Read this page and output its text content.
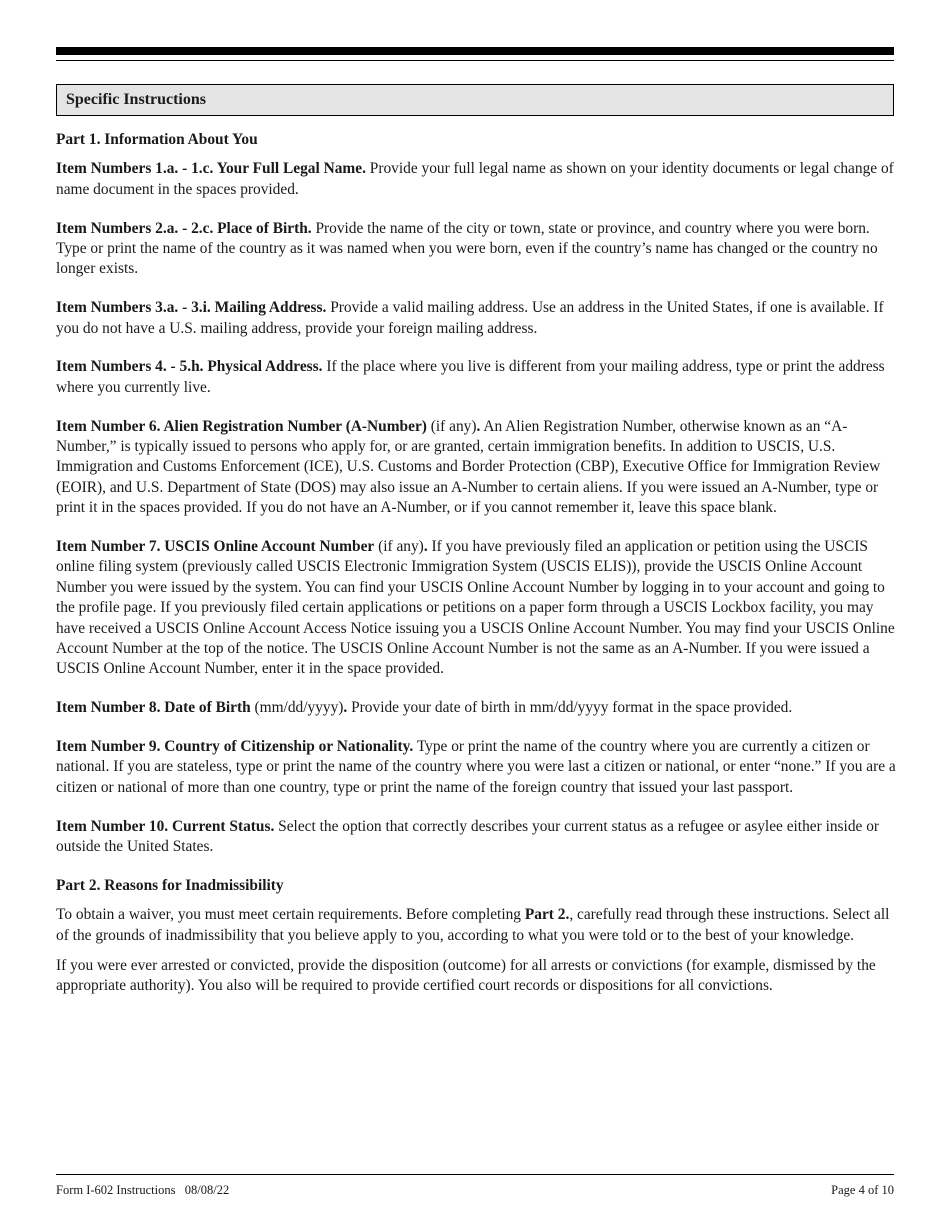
Specific Instructions
Part 1. Information About You
Item Numbers 1.a. - 1.c. Your Full Legal Name. Provide your full legal name as shown on your identity documents or legal change of name document in the spaces provided.
Item Numbers 2.a. - 2.c. Place of Birth. Provide the name of the city or town, state or province, and country where you were born. Type or print the name of the country as it was named when you were born, even if the country’s name has changed or the country no longer exists.
Item Numbers 3.a. - 3.i. Mailing Address. Provide a valid mailing address. Use an address in the United States, if one is available. If you do not have a U.S. mailing address, provide your foreign mailing address.
Item Numbers 4. - 5.h. Physical Address. If the place where you live is different from your mailing address, type or print the address where you currently live.
Item Number 6. Alien Registration Number (A-Number) (if any). An Alien Registration Number, otherwise known as an “A-Number,” is typically issued to persons who apply for, or are granted, certain immigration benefits. In addition to USCIS, U.S. Immigration and Customs Enforcement (ICE), U.S. Customs and Border Protection (CBP), Executive Office for Immigration Review (EOIR), and U.S. Department of State (DOS) may also issue an A-Number to certain aliens. If you were issued an A-Number, type or print it in the spaces provided. If you do not have an A-Number, or if you cannot remember it, leave this space blank.
Item Number 7. USCIS Online Account Number (if any). If you have previously filed an application or petition using the USCIS online filing system (previously called USCIS Electronic Immigration System (USCIS ELIS)), provide the USCIS Online Account Number you were issued by the system. You can find your USCIS Online Account Number by logging in to your account and going to the profile page. If you previously filed certain applications or petitions on a paper form through a USCIS Lockbox facility, you may have received a USCIS Online Account Access Notice issuing you a USCIS Online Account Number. You may find your USCIS Online Account Number at the top of the notice. The USCIS Online Account Number is not the same as an A-Number. If you were issued a USCIS Online Account Number, enter it in the space provided.
Item Number 8. Date of Birth (mm/dd/yyyy). Provide your date of birth in mm/dd/yyyy format in the space provided.
Item Number 9. Country of Citizenship or Nationality. Type or print the name of the country where you are currently a citizen or national. If you are stateless, type or print the name of the country where you were last a citizen or national, or enter “none.” If you are a citizen or national of more than one country, type or print the name of the foreign country that issued your last passport.
Item Number 10. Current Status. Select the option that correctly describes your current status as a refugee or asylee either inside or outside the United States.
Part 2. Reasons for Inadmissibility
To obtain a waiver, you must meet certain requirements. Before completing Part 2., carefully read through these instructions. Select all of the grounds of inadmissibility that you believe apply to you, according to what you were told or to the best of your knowledge.
If you were ever arrested or convicted, provide the disposition (outcome) for all arrests or convictions (for example, dismissed by the appropriate authority). You also will be required to provide certified court records or dispositions for all convictions.
Form I-602 Instructions   08/08/22	Page 4 of 10
